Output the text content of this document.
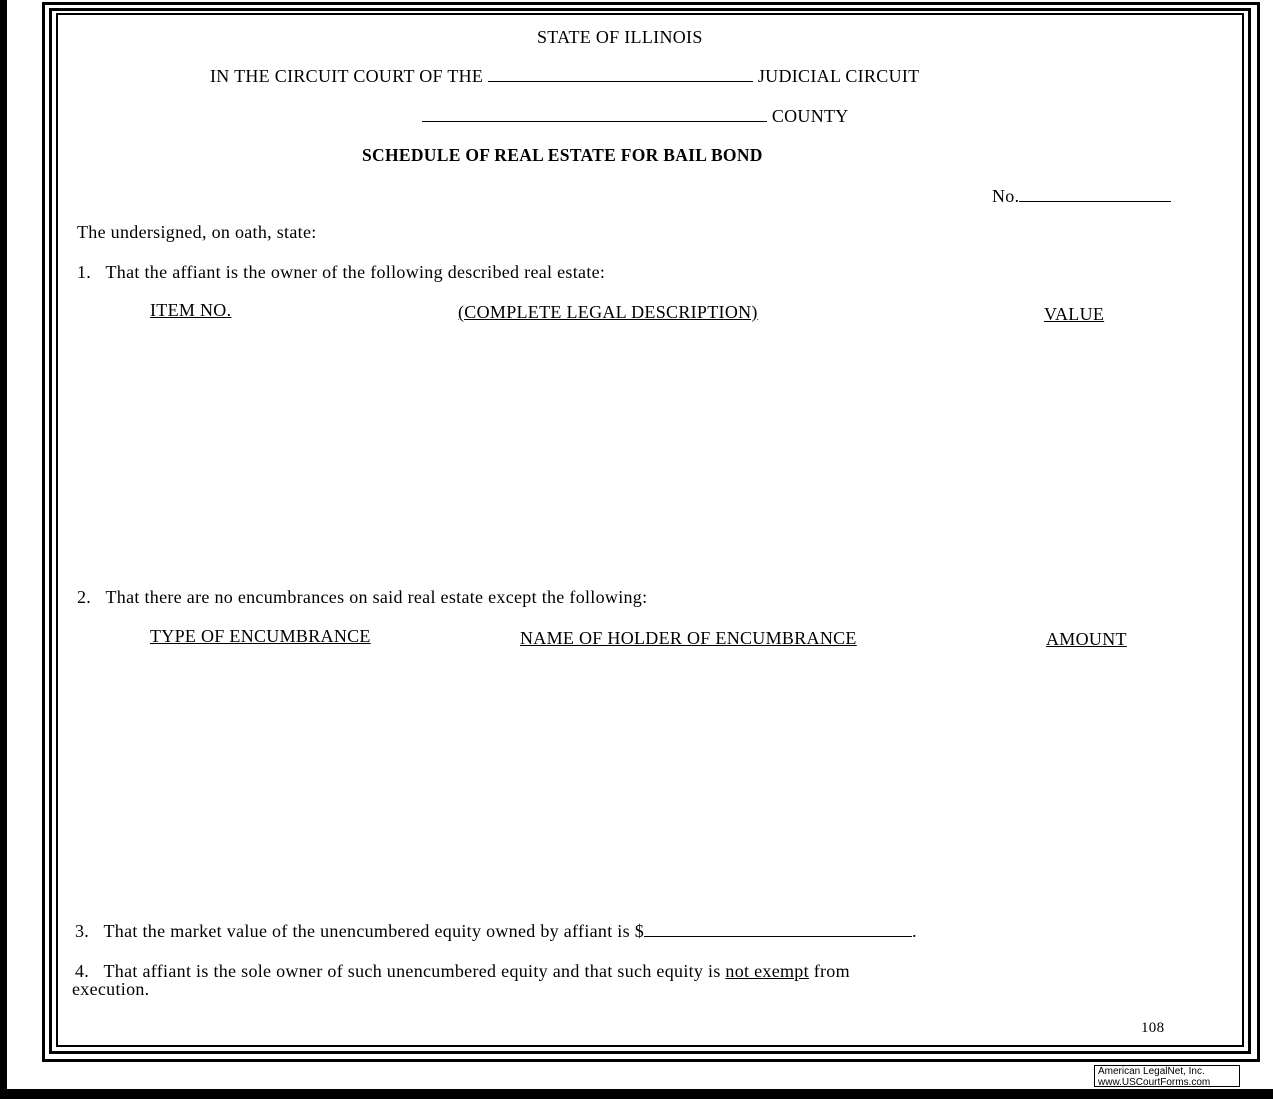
STATE OF ILLINOIS
IN THE CIRCUIT COURT OF THE	JUDICIAL CIRCUIT
COUNTY
SCHEDULE OF REAL ESTATE FOR BAIL BOND
No.
The undersigned, on oath, state:
1. That the affiant is the owner of the following described real estate:
ITEM NO.	(COMPLETE LEGAL DESCRIPTION)	VALUE
2. That there are no encumbrances on said real estate except the following:
TYPE OF ENCUMBRANCE	NAME OF HOLDER OF ENCUMBRANCE	AMOUNT
3. That the market value of the unencumbered equity owned by affiant is $	.
4. That affiant is the sole owner of such unencumbered equity and that such equity is not exempt from
execution.
108
American LegalNet, Inc.
www.USCourtForms.com
